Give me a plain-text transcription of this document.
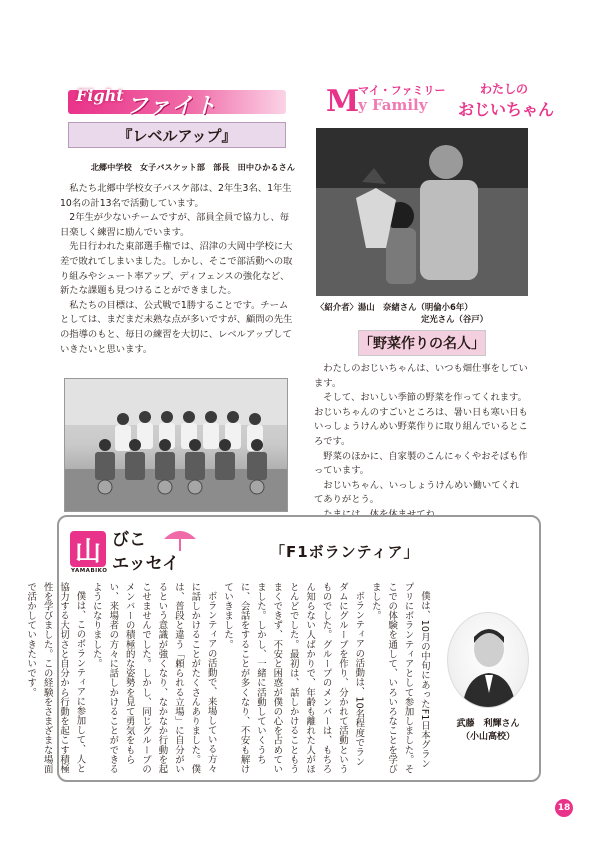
Fight ファイト
『レベルアップ』
北郷中学校　女子バスケット部　部長　田中ひかるさん

私たち北郷中学校女子バスケ部は、2年生3名、1年生10名の計13名で活動しています。

2年生が少ないチームですが、部員全員で協力し、毎日楽しく練習に励んでいます。

先日行われた東部選手権では、沼津の大岡中学校に大差で敗れてしまいました。しかし、そこで部活動への取り組みやシュート率アップ、ディフェンスの強化など、新たな課題も見つけることができました。

私たちの目標は、公式戦で1勝することです。チームとしては、まだまだ未熟な点が多いですが、顧問の先生の指導のもと、毎日の練習を大切に、レベルアップしていきたいと思います。

M
マイ・ファミリー
y Family
わたしの
おじいちゃん
〈紹介者〉湯山　奈緒さん（明倫小6年）
定光さん（谷戸）
「野菜作りの名人」

わたしのおじいちゃんは、いつも畑仕事をしています。

そして、おいしい季節の野菜を作ってくれます。おじいちゃんのすごいところは、暑い日も寒い日もいっしょうけんめい野菜作りに取り組んでいるところです。

野菜のほかに、自家製のこんにゃくやおそばも作っています。

おじいちゃん、いっしょうけんめい働いてくれてありがとう。

山
YAMABIKO
びこ
エッセイ
「F1ボランティア」

僕は、10月の中旬にあったF1日本グランプリにボランティアとして参加しました。そこでの体験を通して、いろいろなことを学びました。

ボランティアの活動は、10名程度でランダムにグループを作り、分かれて活動というものでした。グループのメンバーは、もちろん知らない人ばかりで、年齢も離れた人がほとんどでした。最初は、話しかけることもうまくできず、不安と困惑が僕の心を占めていました。しかし、一緒に活動していくうちに、会話をすることが多くなり、不安も解けていきました。

ボランティアの活動で、来場している方々に話しかけることがたくさんありました。僕は、普段と違う「頼られる立場」に自分がいるという意識が強くなり、なかなか行動を起こせませんでした。しかし、同じグループのメンバーの積極的な姿勢を見て勇気をもらい、来場者の方々に話しかけることができるようになりました。

僕は、このボランティアに参加して、人と協力する大切さと自分から行動を起こす積極性を学びました。この経験をさまざまな場面で活かしていきたいです。

武藤　利輝さん
（小山高校）
18
